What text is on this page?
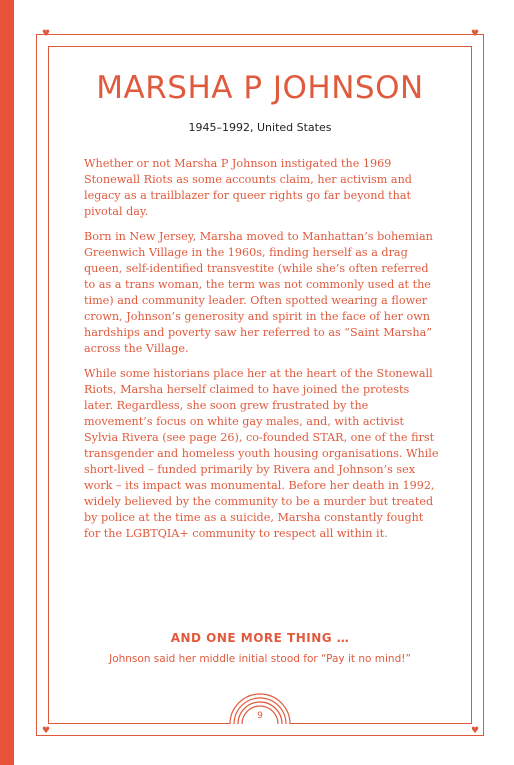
♥	♥
♥	♥
MARSHA P JOHNSON
1945–1992, United States

Whether or not Marsha P Johnson instigated the 1969 Stonewall Riots as some accounts claim, her activism and legacy as a trailblazer for queer rights go far beyond that pivotal day.

Born in New Jersey, Marsha moved to Manhattan’s bohemian Greenwich Village in the 1960s, finding herself as a drag queen, self-identified transvestite (while she’s often referred to as a trans woman, the term was not commonly used at the time) and community leader. Often spotted wearing a flower crown, Johnson’s generosity and spirit in the face of her own hardships and poverty saw her referred to as “Saint Marsha” across the Village.

While some historians place her at the heart of the Stonewall Riots, Marsha herself claimed to have joined the protests later. Regardless, she soon grew frustrated by the movement’s focus on white gay males, and, with activist Sylvia Rivera (see page 26), co-founded STAR, one of the first transgender and homeless youth housing organisations. While short-lived – funded primarily by Rivera and Johnson’s sex work – its impact was monumental. Before her death in 1992, widely believed by the community to be a murder but treated by police at the time as a suicide, Marsha constantly fought for the LGBTQIA+ community to respect all within it.

AND ONE MORE THING …
Johnson said her middle initial stood for “Pay it no mind!”
9
